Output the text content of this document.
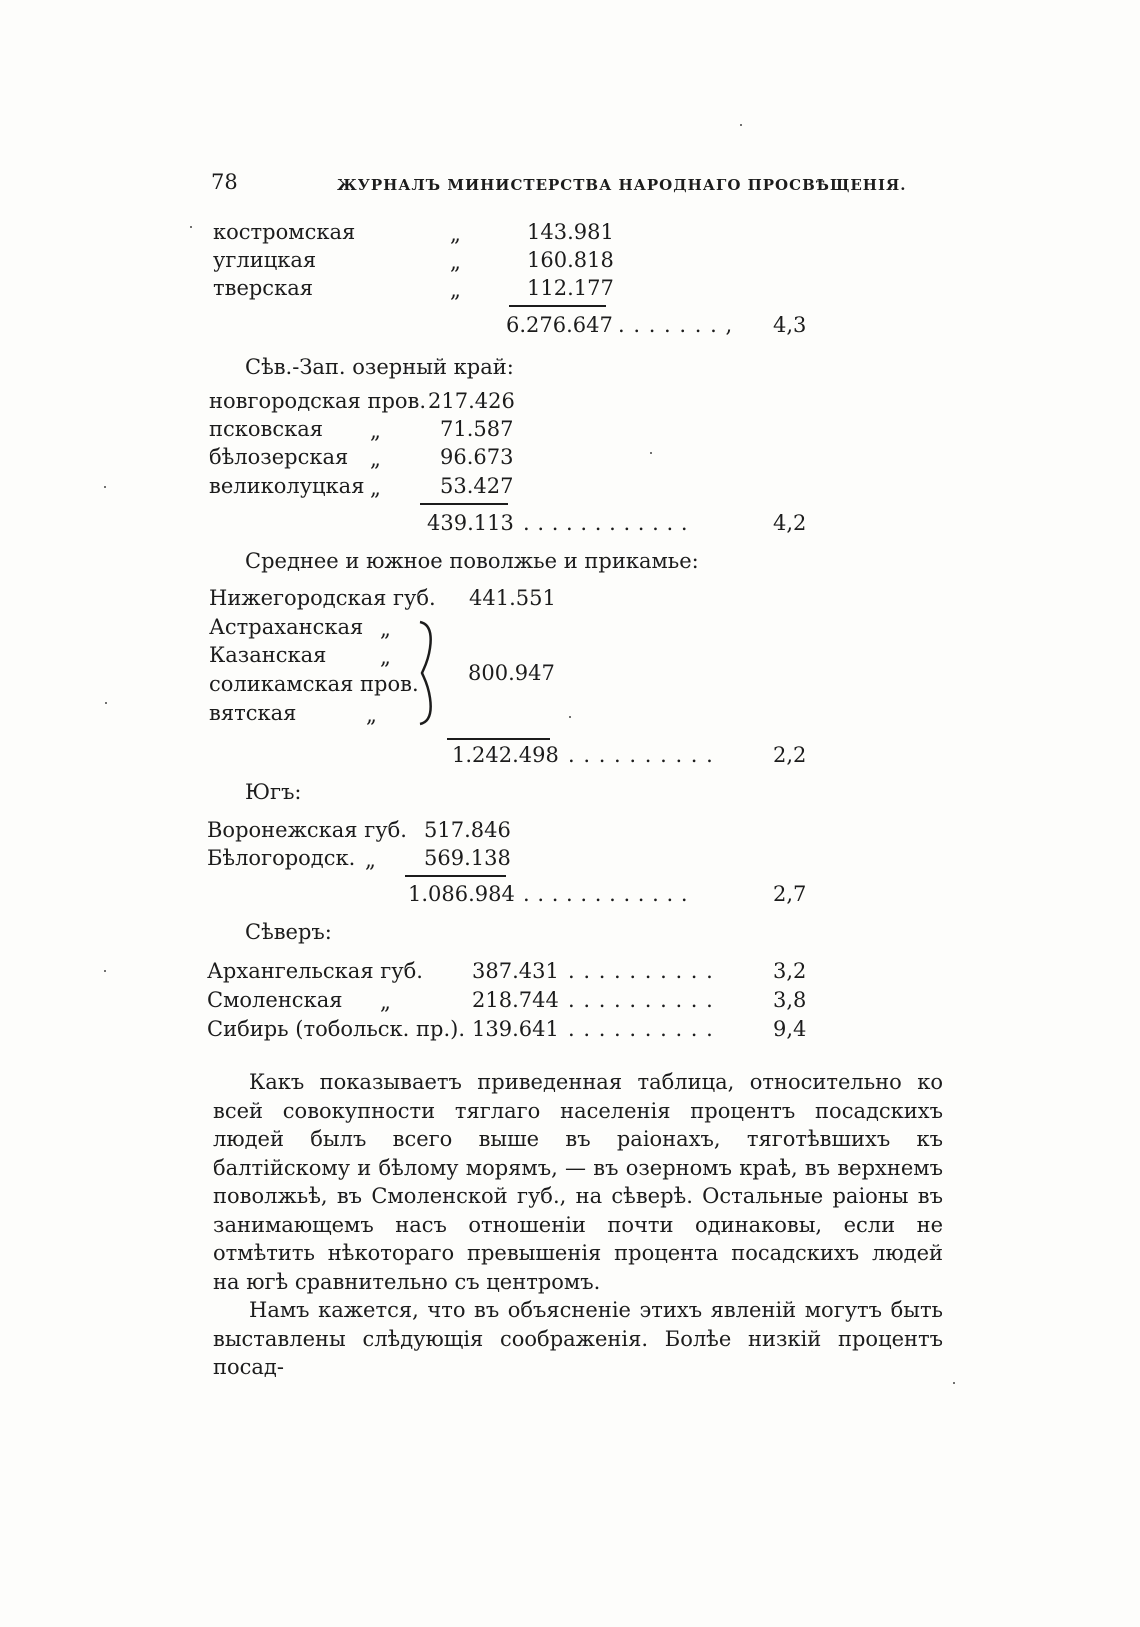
78	ЖУРНАЛЪ МИНИСТЕРСТВА НАРОДНАГО ПРОСВѢЩЕНІЯ.
костромская	„	143.981
углицкая	„	160.818
тверская	„	112.177
6.276.647 . . . . . . . , 4,3
Сѣв.-Зап. озерный край:
новгородская пров. 217.426
псковская „	71.587
бѣлозерская „	96.673
великолуцкая „	53.427
439.113 . . . . . . . . . . . .	4,2
Среднее и южное поволжье и прикамье:
Нижегородская губ. 441.551
Астраханская „
Казанская	„
соликамская пров.
вятская	„
800.947
1.242.498 . . . . . . . . . .	2,2
Югъ:
Воронежская губ. 517.846
Бѣлогородск. „ 569.138
1.086.984 . . . . . . . . . . . .	2,7
Сѣверъ:
Архангельская губ. 387.431 . . . . . . . . . .	3,2
Смоленская „	218.744 . . . . . . . . . .	3,8
Сибирь (тобольск. пр.). 139.641 . . . . . . . . . .	9,4

Какъ показываетъ приведенная таблица, относительно ко всей совокупности тяглаго населенія процентъ посадскихъ людей былъ всего выше въ раіонахъ, тяготѣвшихъ къ балтійскому и бѣлому морямъ, — въ озерномъ краѣ, въ верхнемъ поволжьѣ, въ Смоленской губ., на сѣверѣ. Остальные раіоны въ занимающемъ насъ отношеніи почти одинаковы, если не отмѣтить нѣкотораго превышенія процента посадскихъ людей на югѣ сравнительно съ центромъ.

Намъ кажется, что въ объясненіе этихъ явленій могутъ быть выставлены слѣдующія соображенія. Болѣе низкій процентъ посад-
